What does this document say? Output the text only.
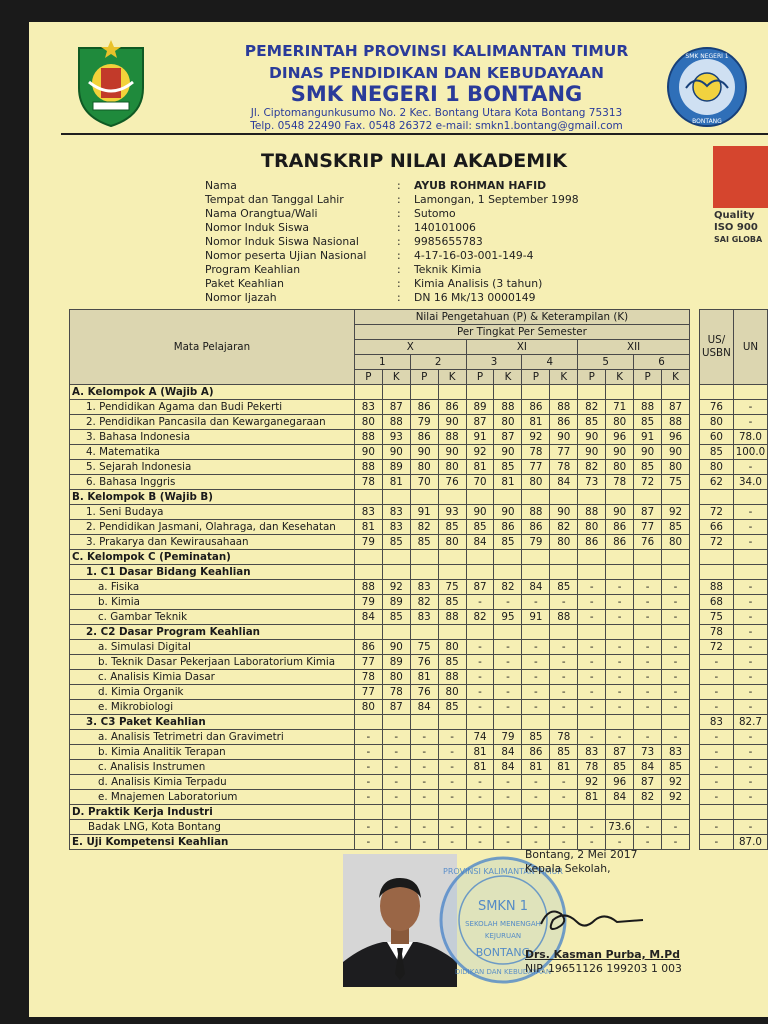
PEMERINTAH PROVINSI KALIMANTAN TIMUR
DINAS PENDIDIKAN DAN KEBUDAYAAN
SMK NEGERI 1 BONTANG
Jl. Ciptomangunkusumo No. 2 Kec. Bontang Utara Kota Bontang 75313
Telp. 0548 22490 Fax. 0548 26372 e-mail: smkn1.bontang@gmail.com
SMK NEGERI 1
BONTANG
TRANSKRIP NILAI AKADEMIK
Quality
ISO 900
SAI GLOBA
Nama	: AYUB ROHMAN HAFID
Tempat dan Tanggal Lahir	: Lamongan, 1 September 1998
Nama Orangtua/Wali	: Sutomo
Nomor Induk Siswa	: 140101006
Nomor Induk Siswa Nasional	: 9985655783
Nomor peserta Ujian Nasional	: 4-17-16-03-001-149-4
Program Keahlian	: Teknik Kimia
Paket Keahlian	: Kimia Analisis (3 tahun)
Nomor Ijazah	: DN 16 Mk/13 0000149
Mata Pelajaran	Nilai Pengetahuan (P) & Keterampilan (K)													US/
USBN	UN
	Per Tingkat Per Semester														
	X				XI				XII						
	1		2		3		4		5		6				
	P	K	P	K	P	K	P	K	P	K	P	K			
A. Kelompok A (Wajib A)															
1. Pendidikan Agama dan Budi Pekerti	83	87	86	86	89	88	86	88	82	71	88	87		76	-
2. Pendidikan Pancasila dan Kewarganegaraan	80	88	79	90	87	80	81	86	85	80	85	88		80	-
3. Bahasa Indonesia	88	93	86	88	91	87	92	90	90	96	91	96		60	78.0
4. Matematika	90	90	90	90	92	90	78	77	90	90	90	90		85	100.0
5. Sejarah Indonesia	88	89	80	80	81	85	77	78	82	80	85	80		80	-
6. Bahasa Inggris	78	81	70	76	70	81	80	84	73	78	72	75		62	34.0
B. Kelompok B (Wajib B)															
1. Seni Budaya	83	83	91	93	90	90	88	90	88	90	87	92		72	-
2. Pendidikan Jasmani, Olahraga, dan Kesehatan	81	83	82	85	85	86	86	82	80	86	77	85		66	-
3. Prakarya dan Kewirausahaan	79	85	85	80	84	85	79	80	86	86	76	80		72	-
C. Kelompok C (Peminatan)															
1. C1 Dasar Bidang Keahlian															
a. Fisika	88	92	83	75	87	82	84	85	-	-	-	-		88	-
b. Kimia	79	89	82	85	-	-	-	-	-	-	-	-		68	-
c. Gambar Teknik	84	85	83	88	82	95	91	88	-	-	-	-		75	-
2. C2 Dasar Program Keahlian														78	-
a. Simulasi Digital	86	90	75	80	-	-	-	-	-	-	-	-		72	-
b. Teknik Dasar Pekerjaan Laboratorium Kimia	77	89	76	85	-	-	-	-	-	-	-	-		-	-
c. Analisis Kimia Dasar	78	80	81	88	-	-	-	-	-	-	-	-		-	-
d. Kimia Organik	77	78	76	80	-	-	-	-	-	-	-	-		-	-
e. Mikrobiologi	80	87	84	85	-	-	-	-	-	-	-	-		-	-
3. C3 Paket Keahlian														83	82.7
a. Analisis Tetrimetri dan Gravimetri	-	-	-	-	74	79	85	78	-	-	-	-		-	-
b. Kimia Analitik Terapan	-	-	-	-	81	84	86	85	83	87	73	83		-	-
c. Analisis Instrumen	-	-	-	-	81	84	81	81	78	85	84	85		-	-
d. Analisis Kimia Terpadu	-	-	-	-	-	-	-	-	92	96	87	92		-	-
e. Mnajemen Laboratorium	-	-	-	-	-	-	-	-	81	84	82	92		-	-
D. Praktik Kerja Industri															
Badak LNG, Kota Bontang	-	-	-	-	-	-	-	-	-	73.6	-	-		-	-
E. Uji Kompetensi Keahlian	-	-	-	-	-	-	-	-	-	-	-	-		-	87.0
PROVINSI KALIMANTAN TIMUR
SMKN 1
SEKOLAH MENENGAH
KEJURUAN
BONTANG
DIDIKAN DAN KEBUDAYAAN
Bontang, 2 Mei 2017
Kepala Sekolah,
Drs. Kasman Purba, M.Pd
NIP. 19651126 199203 1 003
